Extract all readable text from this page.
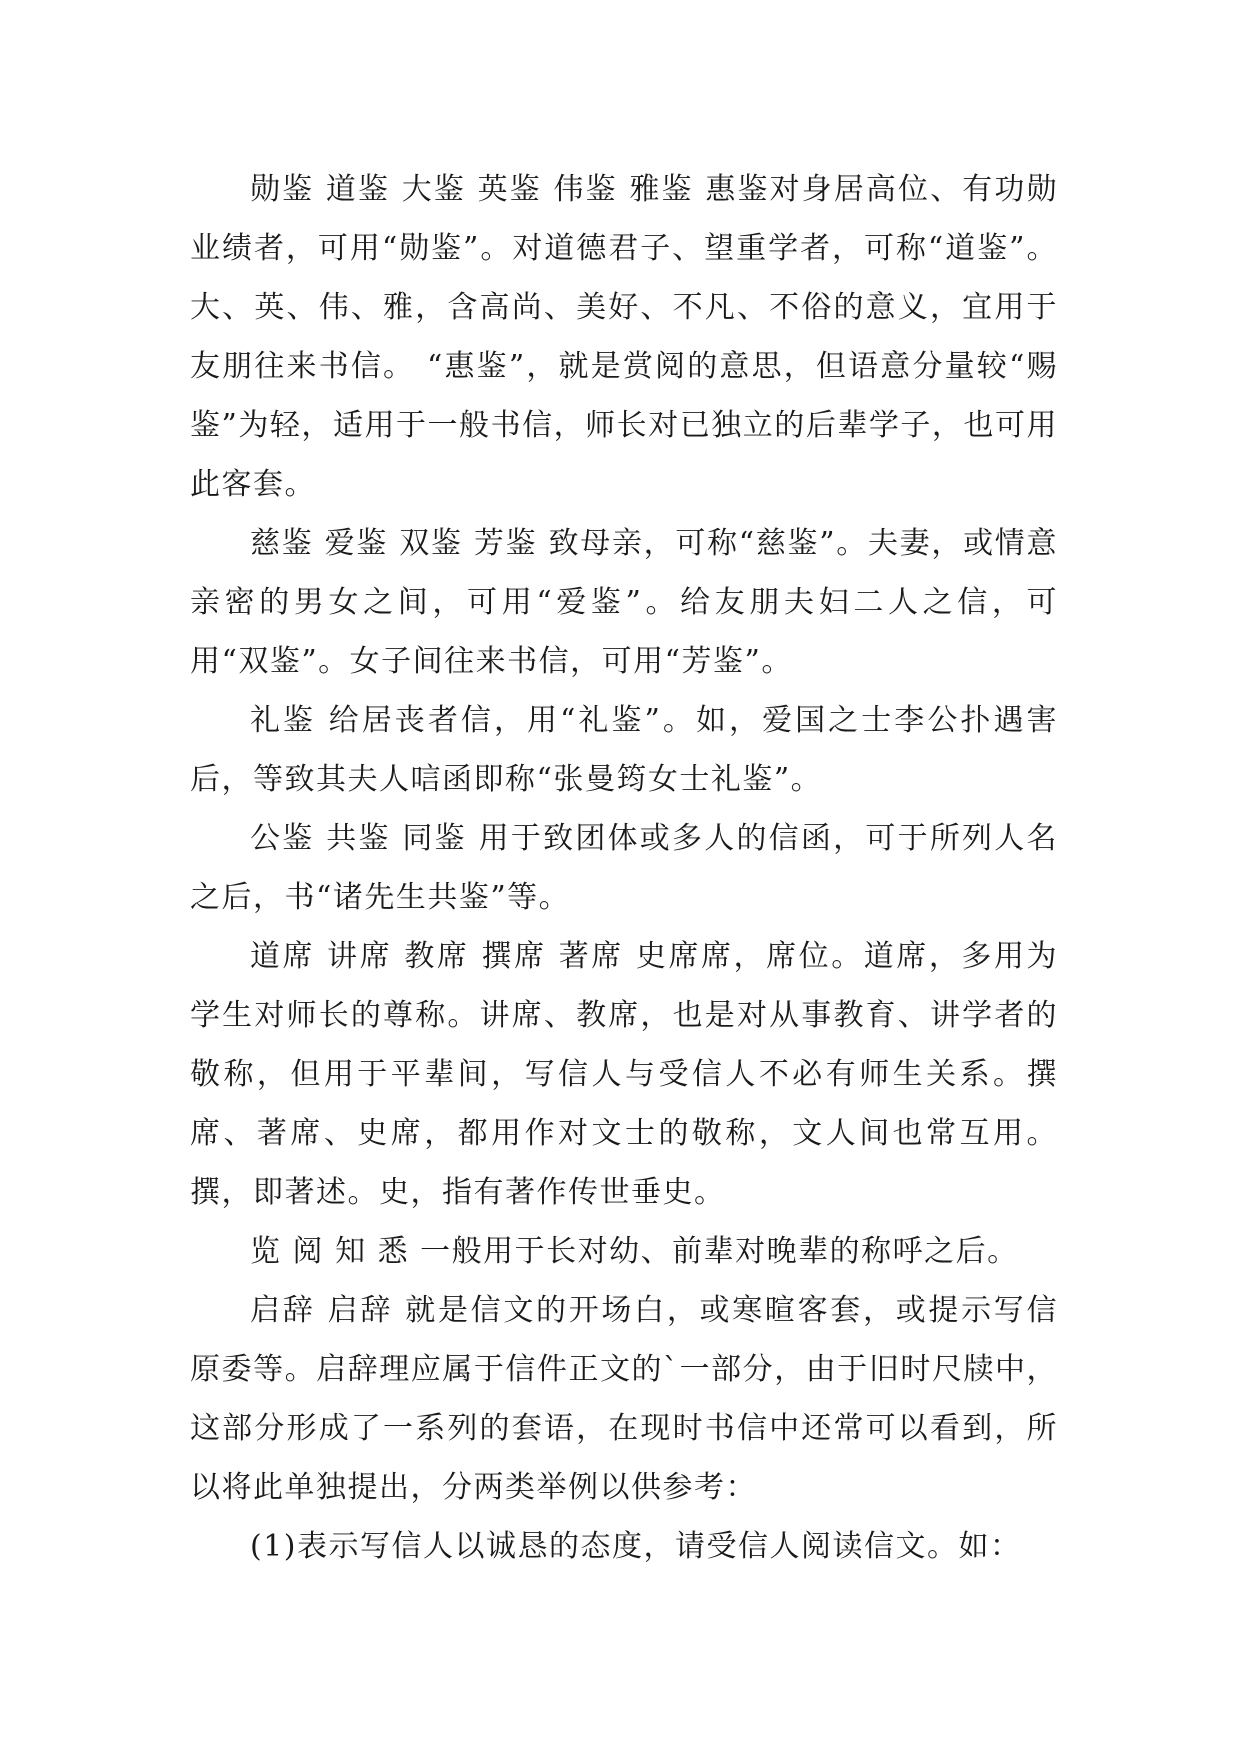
勋鉴 道鉴 大鉴 英鉴 伟鉴 雅鉴 惠鉴对身居高位、有功勋业绩者，可用“勋鉴”。对道德君子、望重学者，可称“道鉴”。大、英、伟、雅，含高尚、美好、不凡、不俗的意义，宜用于友朋往来书信。 “惠鉴”，就是赏阅的意思，但语意分量较“赐鉴”为轻，适用于一般书信，师长对已独立的后辈学子，也可用此客套。

慈鉴 爱鉴 双鉴 芳鉴 致母亲，可称“慈鉴”。夫妻，或情意亲密的男女之间，可用“爱鉴”。给友朋夫妇二人之信，可用“双鉴”。女子间往来书信，可用“芳鉴”。

礼鉴 给居丧者信，用“礼鉴”。如，爱国之士李公扑遇害后，等致其夫人唁函即称“张曼筠女士礼鉴”。

公鉴 共鉴 同鉴 用于致团体或多人的信函，可于所列人名之后，书“诸先生共鉴”等。

道席 讲席 教席 撰席 著席 史席席，席位。道席，多用为学生对师长的尊称。讲席、教席，也是对从事教育、讲学者的敬称，但用于平辈间，写信人与受信人不必有师生关系。撰席、著席、史席，都用作对文士的敬称，文人间也常互用。撰，即著述。史，指有著作传世垂史。

览 阅 知 悉 一般用于长对幼、前辈对晚辈的称呼之后。

启辞 启辞 就是信文的开场白，或寒暄客套，或提示写信原委等。启辞理应属于信件正文的`一部分，由于旧时尺牍中，这部分形成了一系列的套语，在现时书信中还常可以看到，所以将此单独提出，分两类举例以供参考：

(1)表示写信人以诚恳的态度，请受信人阅读信文。如：
